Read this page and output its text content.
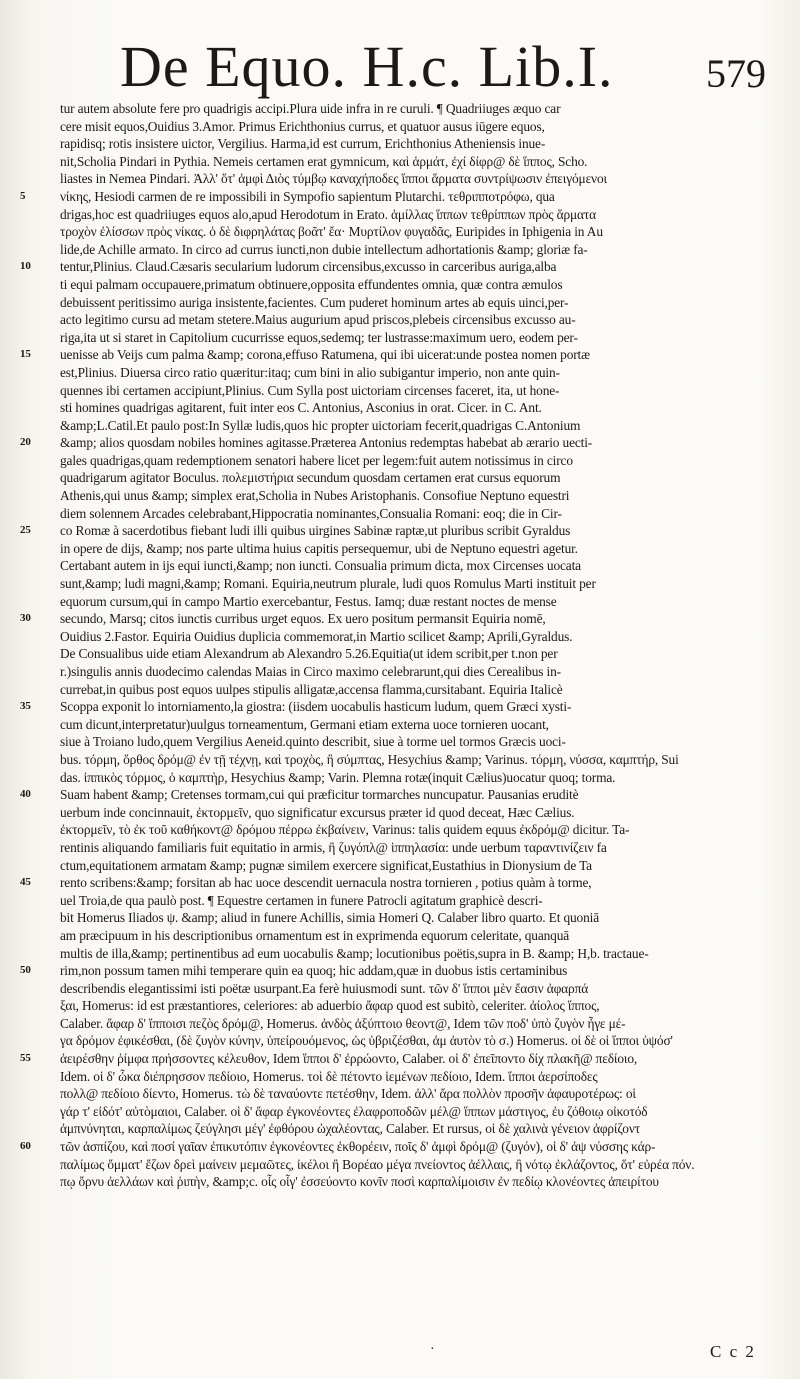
De Equo. H.c. Lib.I. 579
tur autem absolute fere pro quadrigis accipi.Plura uide infra in re curuli. ¶ Quadriiuges æquo car
cere misit equos,Ouidius 3.Amor. Primus Erichthonius currus, et quatuor ausus iūgere equos,
rapidisq; rotis insistere uictor, Vergilius. Harma,id est currum, Erichthonius Atheniensis inue-
nit,Scholia Pindari in Pythia. Nemeis certamen erat gymnicum, καὶ ἁρμάτ, ἐχί δίφρ@ δὲ ἵππος, Scho.
liastes in Nemea Pindari. Ἀλλ' ὅτ' ἀμφὶ Διὸς τύμβῳ καναχήποδες ἵπποι ἅρματα συντρίψωσιν ἐπειγόμενοι
5	νίκης, Hesiodi carmen de re impossibili in Sympofio sapientum Plutarchi. τεθριπποτρόφω, qua
drigas,hoc est quadriiuges equos alo,apud Herodotum in Erato. ἁμίλλας ἵππων τεθρίππων πρὸς ἅρματα
τροχὸν ἐλίσσων πρὸς νίκας. ὁ δὲ διφρηλάτας βοᾶτ' ἔα· Μυρτίλον φυγαδᾶς, Euripides in Iphigenia in Au
lide,de Achille armato. In circo ad currus iuncti,non dubie intellectum adhortationis &amp; gloriæ fa-
10	tentur,Plinius. Claud.Cæsaris secularium ludorum circensibus,excusso in carceribus auriga,alba
ti equi palmam occupauere,primatum obtinuere,opposita effundentes omnia, quæ contra æmulos
debuissent peritissimo auriga insistente,facientes. Cum puderet hominum artes ab equis uinci,per-
acto legitimo cursu ad metam stetere.Maius augurium apud priscos,plebeis circensibus excusso au-
riga,ita ut si staret in Capitolium cucurrisse equos,sedemq; ter lustrasse:maximum uero, eodem per-
15	uenisse ab Veijs cum palma &amp; corona,effuso Ratumena, qui ibi uicerat:unde postea nomen portæ
est,Plinius. Diuersa circo ratio quæritur:itaq; cum bini in alio subigantur imperio, non ante quin-
quennes ibi certamen accipiunt,Plinius. Cum Sylla post uictoriam circenses faceret, ita, ut hone-
sti homines quadrigas agitarent, fuit inter eos C. Antonius, Asconius in orat. Cicer. in C. Ant.
&amp;L.Catil.Et paulo post:In Syllæ ludis,quos hic propter uictoriam fecerit,quadrigas C.Antonium
20	&amp; alios quosdam nobiles homines agitasse.Præterea Antonius redemptas habebat ab ærario uecti-
gales quadrigas,quam redemptionem senatori habere licet per legem:fuit autem notissimus in circo
quadrigarum agitator Boculus. πολεμιστήρια secundum quosdam certamen erat cursus equorum
Athenis,qui unus &amp; simplex erat,Scholia in Nubes Aristophanis. Consofiue Neptuno equestri
diem solennem Arcades celebrabant,Hippocratia nominantes,Consualia Romani: eoq; die in Cir-
25	co Romæ à sacerdotibus fiebant ludi illi quibus uirgines Sabinæ raptæ,ut pluribus scribit Gyraldus
in opere de dijs, &amp; nos parte ultima huius capitis persequemur, ubi de Neptuno equestri agetur.
Certabant autem in ijs equi iuncti,&amp; non iuncti. Consualia primum dicta, mox Circenses uocata
sunt,&amp; ludi magni,&amp; Romani. Equiria,neutrum plurale, ludi quos Romulus Marti instituit per
equorum cursum,qui in campo Martio exercebantur, Festus. Iamq; duæ restant noctes de mense
30	secundo, Marsq; citos iunctis curribus urget equos. Ex uero positum permansit Equiria nomē,
Ouidius 2.Fastor. Equiria Ouidius duplicia commemorat,in Martio scilicet &amp; Aprili,Gyraldus.
De Consualibus uide etiam Alexandrum ab Alexandro 5.26.Equitia(ut idem scribit,per t.non per
r.)singulis annis duodecimo calendas Maias in Circo maximo celebrarunt,qui dies Cerealibus in-
currebat,in quibus post equos uulpes stipulis alligatæ,accensa flamma,cursitabant. Equiria Italicè
35	Scoppa exponit lo intorniamento,la giostra: (iisdem uocabulis hasticum ludum, quem Græci xysti-
cum dicunt,interpretatur)uulgus torneamentum, Germani etiam externa uoce tornieren uocant,
siue à Troiano ludo,quem Vergilius Aeneid.quinto describit, siue à torme uel tormos Græcis uoci-
bus. τόρμη, ὄρθος δρόμ@ ἐν τῇ τέχνῃ, καὶ τροχὸς, ἢ σύμπτας, Hesychius &amp; Varinus. τόρμη, νύσσα, καμπτήρ, Sui
das. ἱππικὸς τόρμος, ὁ καμπτὴρ, Hesychius &amp; Varin. Plemna rotæ(inquit Cælius)uocatur quoq; torma.
40	Suam habent &amp; Cretenses tormam,cui qui præficitur tormarches nuncupatur. Pausanias eruditè
uerbum inde concinnauit, ἐκτορμεῖν, quo significatur excursus præter id quod deceat, Hæc Cælius.
ἐκτορμεῖν, τὸ ἐκ τοῦ καθήκοντ@ δρόμου πέρρω ἐκβαίνειν, Varinus: talis quidem equus ἐκδρόμ@ dicitur. Ta-
rentinis aliquando familiaris fuit equitatio in armis, ἢ ζυγόπλ@ ἱππηλασία: unde uerbum ταραντινίζειν fa
ctum,equitationem armatam &amp; pugnæ similem exercere significat,Eustathius in Dionysium de Ta
45	rento scribens:&amp; forsitan ab hac uoce descendit uernacula nostra tornieren , potius quàm à torme,
uel Troia,de qua paulò post. ¶ Equestre certamen in funere Patrocli agitatum graphicè descri-
bit Homerus Iliados ψ. &amp; aliud in funere Achillis, simia Homeri Q. Calaber libro quarto. Et quoniā
am præcipuum in his descriptionibus ornamentum est in exprimenda equorum celeritate, quanquā
multis de illa,&amp; pertinentibus ad eum uocabulis &amp; locutionibus poëtis,supra in B. &amp; H,b. tractaue-
50	rim,non possum tamen mihi temperare quin ea quoq; hic addam,quæ in duobus istis certaminibus
describendis elegantissimi isti poëtæ usurpant.Ea ferè huiusmodi sunt. τῶν δ' ἵπποι μὲν ἔασιν ἀφαρπά
ξαι, Homerus: id est præstantiores, celeriores: ab aduerbio ἄφαρ quod est subitò, celeriter. ἀίολος ἵππος,
Calaber. ἄφαρ δ' ἵπποισι πεζὸς δρόμ@, Homerus. ἀνδὸς ἀξύπτοιο θεοντ@, Idem τῶν ποδ' ὑπὸ ζυγὸν ἦγε μέ-
γα δρόμον ἐφικέσθαι, (δὲ ζυγὸν κύνην, ὑπείρουόμενος, ὡς ὑβριζέσθαι, ἀμ ἀυτὸν τὸ σ.) Homerus. οἱ δὲ οἱ ἵπποι ὑψόσ'
55	ἀειρέσθην ῥίμφα πρήσσοντες κέλευθον, Idem ἵπποι δ' ἐρρώοντο, Calaber. οἱ δ' ἐπεῖποντο δίχ πλακῆ@ πεδίοιο,
Idem. οἱ δ' ὦκα διέπρησσον πεδίοιο, Homerus. τοὶ δὲ πέτοντο ἱεμένων πεδίοιο, Idem. ἵπποι ἀερσίποδες
πολλ@ πεδίοιο δίεντο, Homerus. τὼ δὲ ταναύοντε πετέσθην, Idem. ἀλλ' ἄρα πολλὸν προσῆν ἀφαυροτέρως: οἱ
γάρ τ' εἰδότ' αὐτὸμαιοι, Calaber. οἱ δ' ἄφαρ ἐγκονέοντες ἐλαφροποδῶν μέλ@ ἵππων μάστιγος, ἐυ ζόθοιῳ οἰκοτόδ
ἀμπνύνηται, καρπαλίμως ζεύγλησι μέγ' ἐφθόρου ὠχαλέοντας, Calaber. Et rursus, οἱ δὲ χαλινὰ γένειον ἀφρίζοντ
60	τῶν ἀσπίζου, καὶ ποσί γαῖαν ἐπικυτόπιν ἐγκονέοντες ἐκθορέειν, ποῖς δ' ἀμφὶ δρόμ@ (ζυγόν), οἱ δ' ἀψ νύσσης κάρ-
παλίμως ὄμματ' ἔζων δρεὶ μαίνειν μεμαῶτες, ἰκέλοι ἢ Βορέαο μέγα πνείοντος ἀέλλαις, ἢ νότῳ ἐκλάζοντος, ὅτ' εὐρέα πόν.
πῳ ὄρνυ ἀελλάων καὶ ῥιπὴν, &amp;c. οἷς οἷγ' ἐσσεύοντο κονῖν ποσὶ καρπαλίμοισιν ἐν πεδίῳ κλονέοντες ἀπειρίτου
·	C c 2
